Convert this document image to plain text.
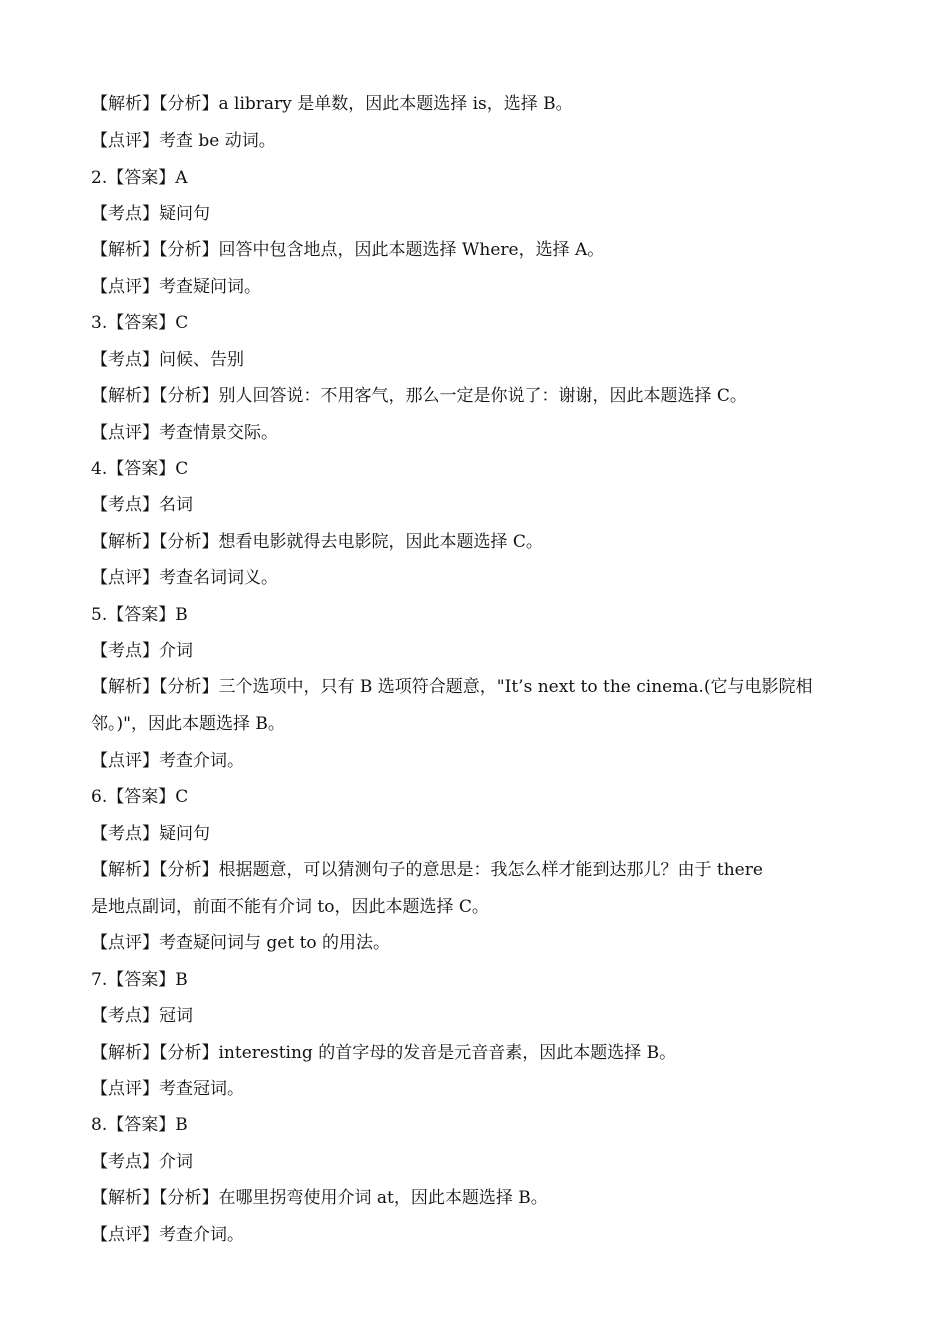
【解析】【分析】a library 是单数，因此本题选择 is，选择 B。
【点评】考查 be 动词。
2.【答案】A
【考点】疑问句
【解析】【分析】回答中包含地点，因此本题选择 Where，选择 A。
【点评】考查疑问词。
3.【答案】C
【考点】问候、告别
【解析】【分析】别人回答说：不用客气，那么一定是你说了：谢谢，因此本题选择 C。
【点评】考查情景交际。
4.【答案】C
【考点】名词
【解析】【分析】想看电影就得去电影院，因此本题选择 C。
【点评】考查名词词义。
5.【答案】B
【考点】介词
【解析】【分析】三个选项中，只有 B 选项符合题意，"It’s next to the cinema.(它与电影院相
邻。)"，因此本题选择 B。
【点评】考查介词。
6.【答案】C
【考点】疑问句
【解析】【分析】根据题意，可以猜测句子的意思是：我怎么样才能到达那儿？由于 there
是地点副词，前面不能有介词 to，因此本题选择 C。
【点评】考查疑问词与 get to 的用法。
7.【答案】B
【考点】冠词
【解析】【分析】interesting 的首字母的发音是元音音素，因此本题选择 B。
【点评】考查冠词。
8.【答案】B
【考点】介词
【解析】【分析】在哪里拐弯使用介词 at，因此本题选择 B。
【点评】考查介词。
